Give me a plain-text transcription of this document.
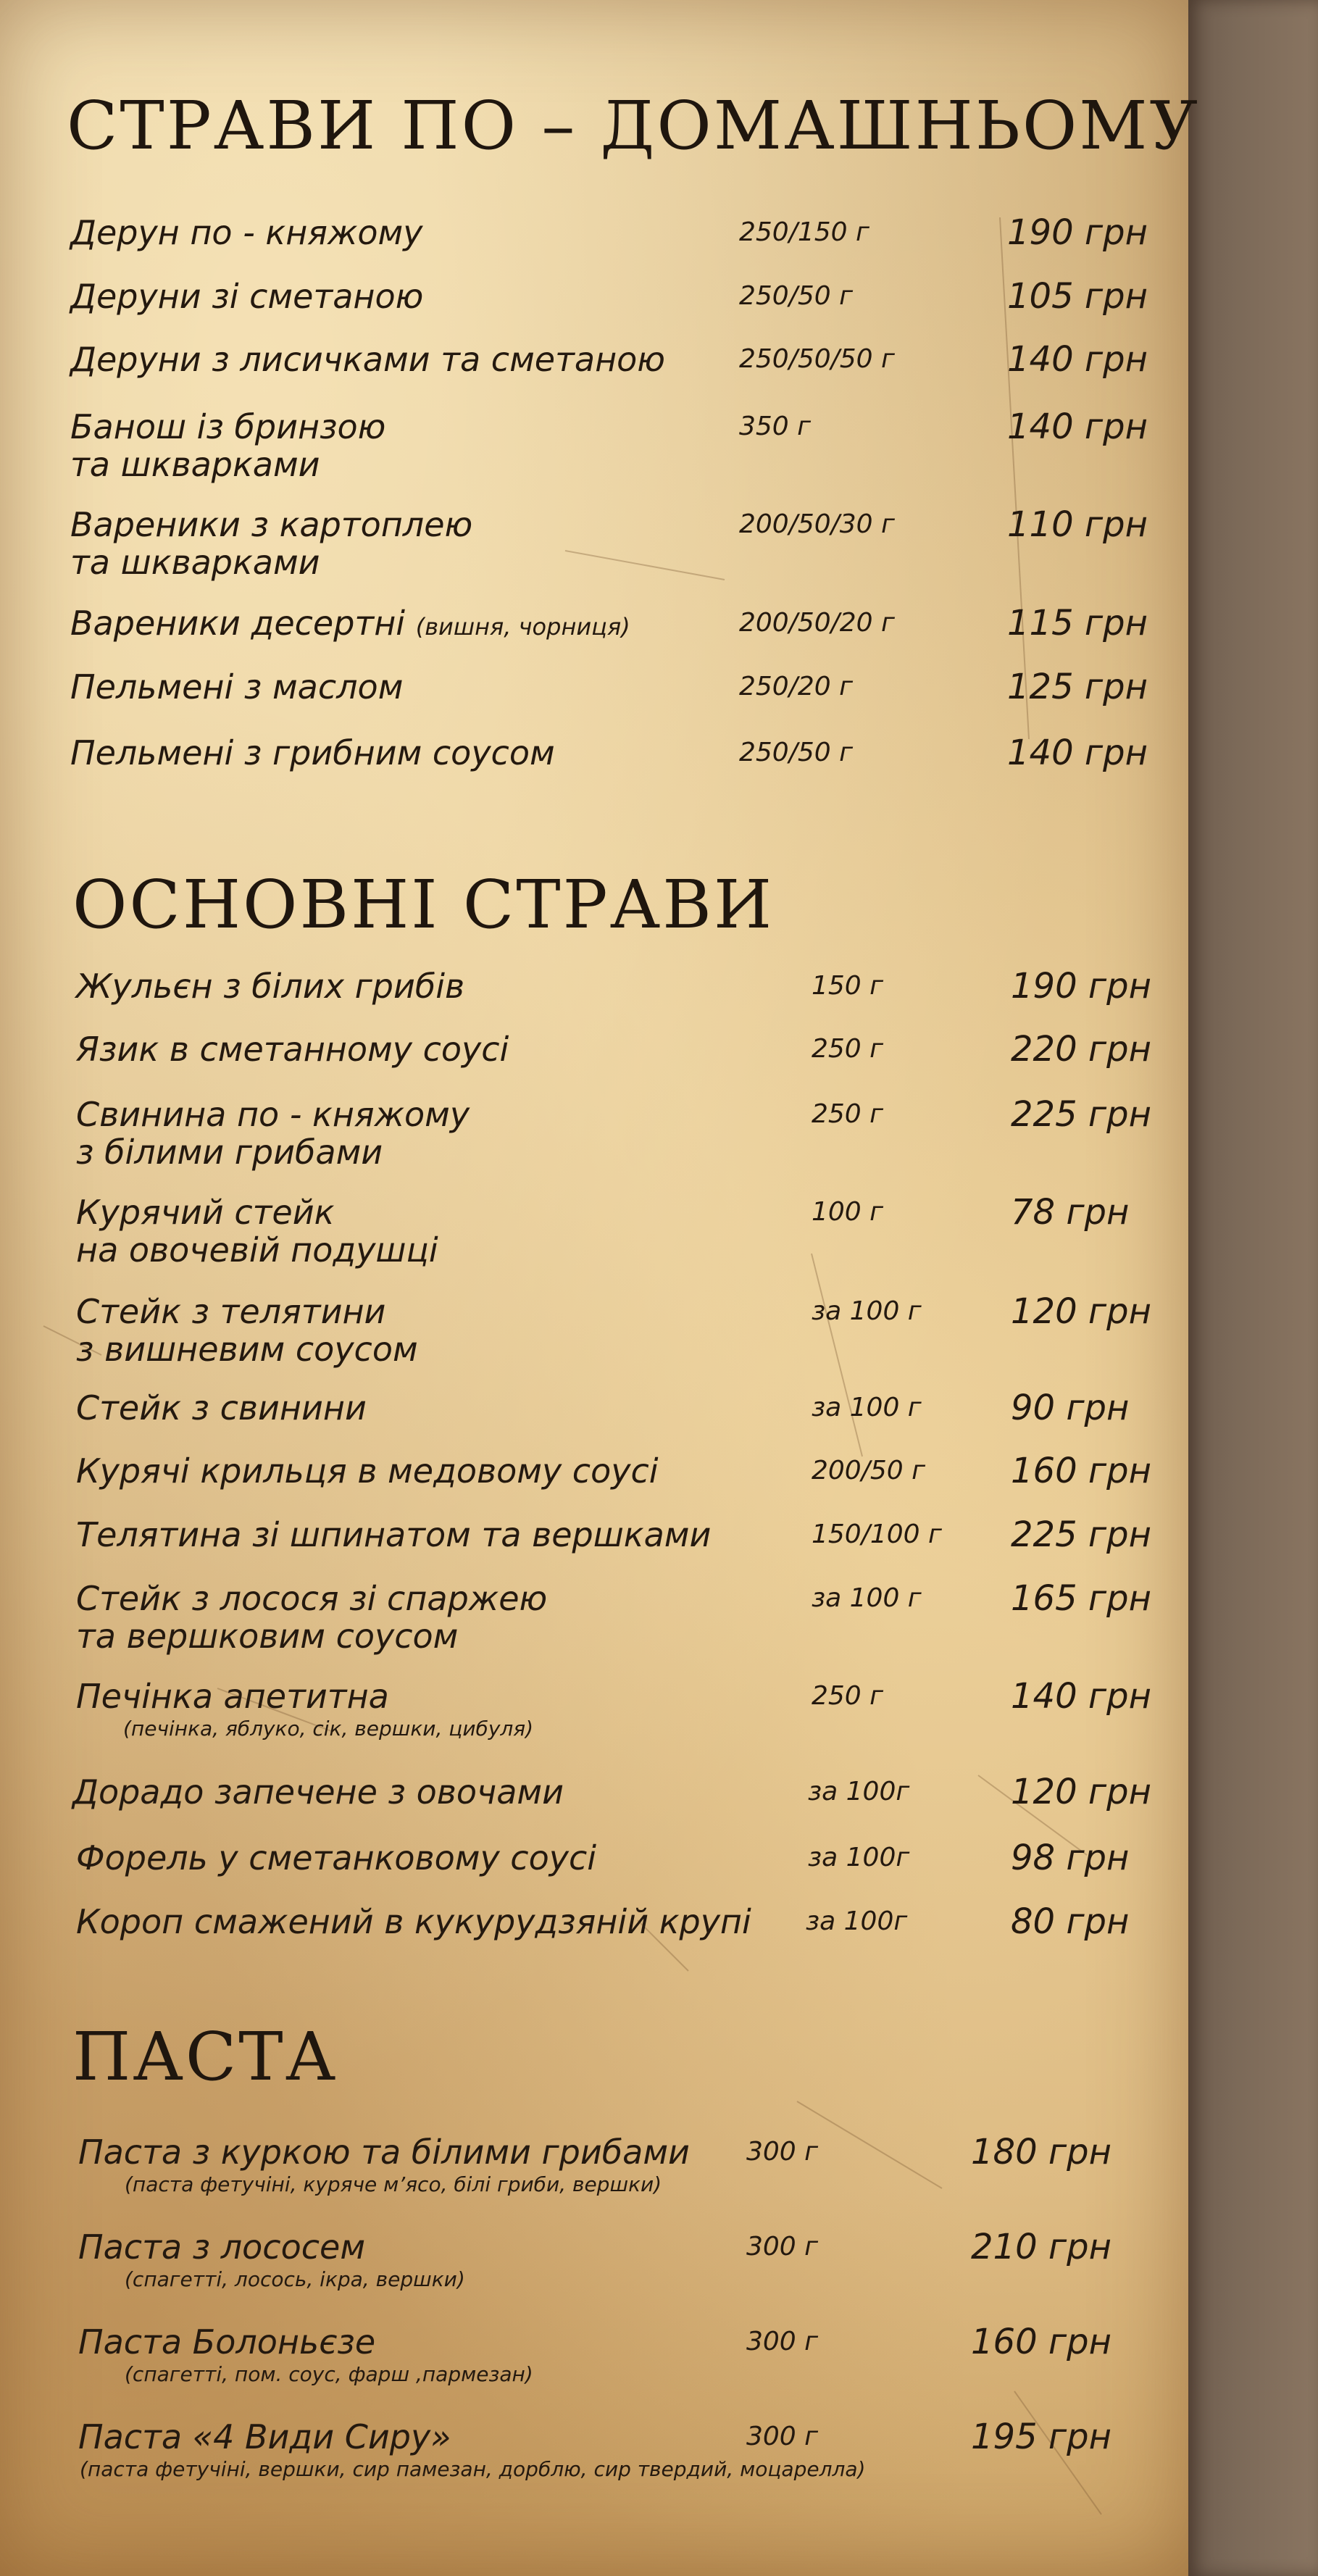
СТРАВИ ПО – ДОМАШНЬОМУ
Дерун по - княжому	250/150 г	190 грн
Деруни зі сметаною	250/50 г	105 грн
Деруни з лисичками та сметаною	250/50/50 г	140 грн
Банош із бринзою
та шкварками
350 г	140 грн
Вареники з картоплею
та шкварками
200/50/30 г	110 грн
Вареники десертні (вишня, чорниця)	200/50/20 г	115 грн
Пельмені з маслом	250/20 г	125 грн
Пельмені з грибним соусом	250/50 г	140 грн
ОСНОВНІ СТРАВИ
Жульєн з білих грибів	150 г	190 грн
Язик в сметанному соусі	250 г	220 грн
Свинина по - княжому
з білими грибами
250 г	225 грн
Курячий стейк
на овочевій подушці
100 г	78 грн
Стейк з телятини
з вишневим соусом
за 100 г	120 грн
Стейк з свинини	за 100 г	90 грн
Курячі крильця в медовому соусі	200/50 г 160 грн
Телятина зі шпинатом та вершками	150/100 г 225 грн
Стейк з лосося зі спаржею
та вершковим соусом
за 100 г	165 грн
Печінка апетитна
(печінка, яблуко, сік, вершки, цибуля)
250 г	140 грн
Дорадо запечене з овочами	за 100г	120 грн
Форель у сметанковому соусі	за 100г	98 грн
Короп смажений в кукурудзяній крупі за 100г	80 грн
ПАСТА
Паста з куркою та білими грибами
(паста фетучіні, куряче м’ясо, білі гриби, вершки)
300 г	180 грн
Паста з лососем
(спагетті, лосось, ікра, вершки)
300 г	210 грн
Паста Болоньєзе
(спагетті, пом. соус, фарш ,пармезан)
300 г	160 грн
Паста «4 Види Сиру»
(паста фетучіні, вершки, сир памезан, дорблю, сир твердий, моцарелла)
300 г	195 грн
